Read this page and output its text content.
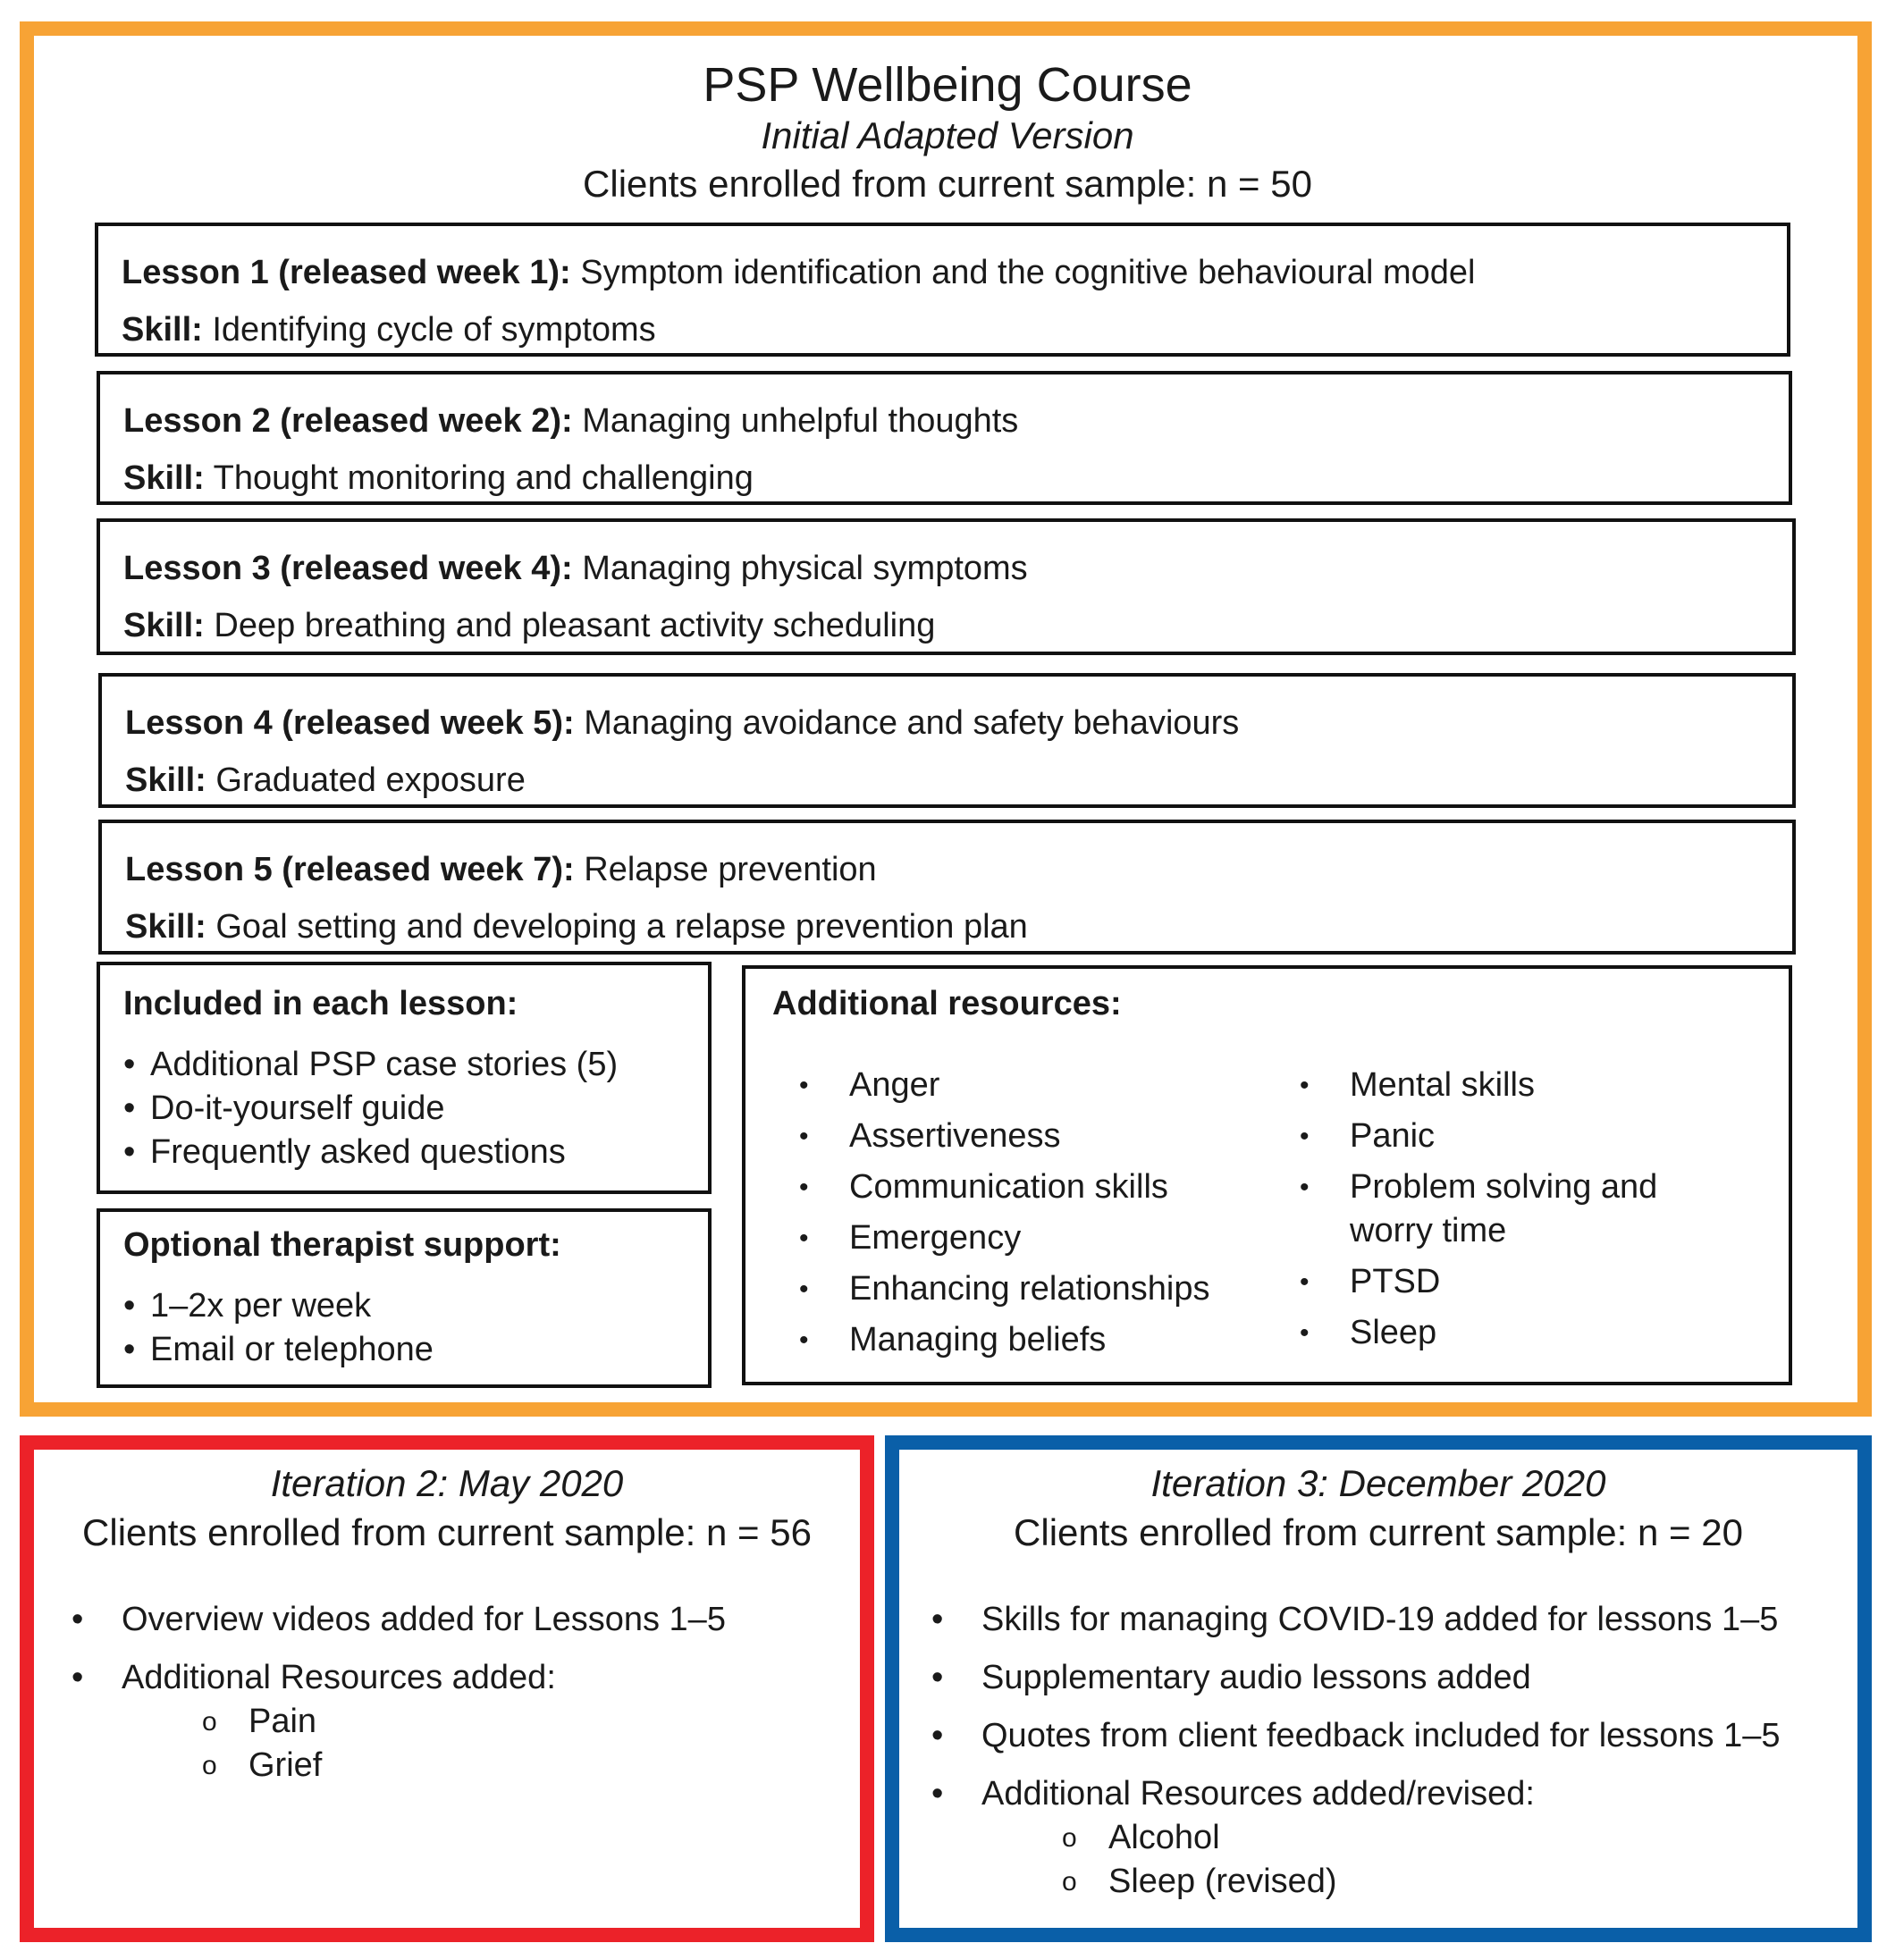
PSP Wellbeing Course
Initial Adapted Version
Clients enrolled from current sample: n = 50
Lesson 1 (released week 1): Symptom identification and the cognitive behavioural model
Skill: Identifying cycle of symptoms
Lesson 2 (released week 2): Managing unhelpful thoughts
Skill: Thought monitoring and challenging
Lesson 3 (released week 4): Managing physical symptoms
Skill: Deep breathing and pleasant activity scheduling
Lesson 4 (released week 5): Managing avoidance and safety behaviours
Skill: Graduated exposure
Lesson 5 (released week 7): Relapse prevention
Skill: Goal setting and developing a relapse prevention plan
Included in each lesson:
• Additional PSP case stories (5)
• Do-it-yourself guide
• Frequently asked questions
Optional therapist support:
• 1–2x per week
• Email or telephone
Additional resources:
• Anger
• Assertiveness
• Communication skills
• Emergency
• Enhancing relationships
• Managing beliefs
• Mental skills
• Panic
• Problem solving and worry time
• PTSD
• Sleep
Iteration 2: May 2020
Clients enrolled from current sample: n = 56
• Overview videos added for Lessons 1–5
• Additional Resources added:
o Pain
o Grief
Iteration 3: December 2020
Clients enrolled from current sample: n = 20
• Skills for managing COVID-19 added for lessons 1–5
• Supplementary audio lessons added
• Quotes from client feedback included for lessons 1–5
• Additional Resources added/revised:
o Alcohol
o Sleep (revised)
